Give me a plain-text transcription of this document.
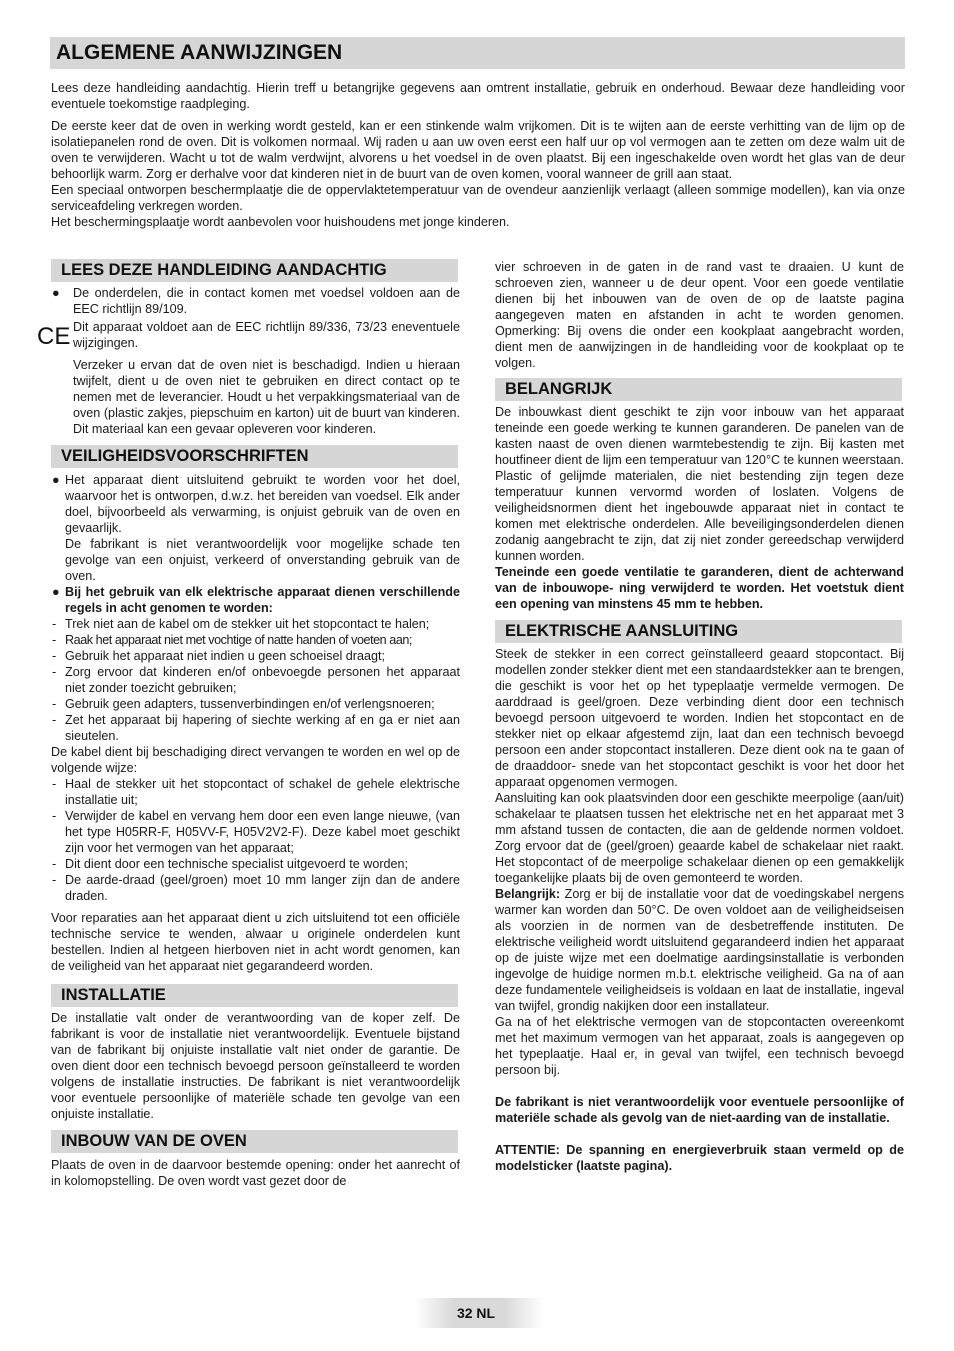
ALGEMENE AANWIJZINGEN

Lees deze handleiding aandachtig. Hierin treff u betangrijke gegevens aan omtrent installatie, gebruik en onderhoud. Bewaar deze handleiding voor eventuele toekomstige raadpleging.

De eerste keer dat de oven in werking wordt gesteld, kan er een stinkende walm vrijkomen. Dit is te wijten aan de eerste verhitting van de lijm op de isolatiepanelen rond de oven. Dit is volkomen normaal. Wij raden u aan uw oven eerst een half uur op vol vermogen aan te zetten om deze walm uit de oven te verwijderen. Wacht u tot de walm verdwijnt, alvorens u het voedsel in de oven plaatst. Bij een ingeschakelde oven wordt het glas van de deur behoorlijk warm. Zorg er derhalve voor dat kinderen niet in de buurt van de oven komen, vooral wanneer de grill aan staat.

Een speciaal ontworpen beschermplaatje die de oppervlaktetemperatuur van de ovendeur aanzienlijk verlaagt (alleen sommige modellen), kan via onze serviceafdeling verkregen worden.

Het beschermingsplaatje wordt aanbevolen voor huishoudens met jonge kinderen.

LEES DEZE HANDLEIDING AANDACHTIG
● De onderdelen, die in contact komen met voedsel voldoen aan de EEC richtlijn 89/109.
CE Dit apparaat voldoet aan de EEC richtlijn 89/336, 73/23 eneventuele wijzigingen.

Verzeker u ervan dat de oven niet is beschadigd. Indien u hieraan twijfelt, dient u de oven niet te gebruiken en direct contact op te nemen met de leverancier. Houdt u het verpakkingsmateriaal van de oven (plastic zakjes, piepschuim en karton) uit de buurt van kinderen. Dit materiaal kan een gevaar opleveren voor kinderen.

VEILIGHEIDSVOORSCHRIFTEN
● Het apparaat dient uitsluitend gebruikt te worden voor het doel, waarvoor het is ontworpen, d.w.z. het bereiden van voedsel. Elk ander doel, bijvoorbeeld als verwarming, is onjuist gebruik van de oven en gevaarlijk.

De fabrikant is niet verantwoordelijk voor mogelijke schade ten gevolge van een onjuist, verkeerd of onverstanding gebruik van de oven.

● Bij het gebruik van elk elektrische apparaat dienen verschillende regels in acht genomen te worden:
- Trek niet aan de kabel om de stekker uit het stopcontact te halen;
- Raak het apparaat niet met vochtige of natte handen of voeten aan;
- Gebruik het apparaat niet indien u geen schoeisel draagt;
- Zorg ervoor dat kinderen en/of onbevoegde personen het apparaat niet zonder toezicht gebruiken;
- Gebruik geen adapters, tussenverbindingen en/of verlengsnoeren;
- Zet het apparaat bij hapering of siechte werking af en ga er niet aan sieutelen.

De kabel dient bij beschadiging direct vervangen te worden en wel op de volgende wijze:

- Haal de stekker uit het stopcontact of schakel de gehele elektrische installatie uit;
- Verwijder de kabel en vervang hem door een even lange nieuwe, (van het type H05RR-F, H05VV-F, H05V2V2-F). Deze kabel moet geschikt zijn voor het vermogen van het apparaat;
- Dit dient door een technische specialist uitgevoerd te worden;
- De aarde-draad (geel/groen) moet 10 mm langer zijn dan de andere draden.

Voor reparaties aan het apparaat dient u zich uitsluitend tot een officiële technische service te wenden, alwaar u originele onderdelen kunt bestellen. Indien al hetgeen hierboven niet in acht wordt genomen, kan de veiligheid van het apparaat niet gegarandeerd worden.

INSTALLATIE

De installatie valt onder de verantwoording van de koper zelf. De fabrikant is voor de installatie niet verantwoordelijk. Eventuele bijstand van de fabrikant bij onjuiste installatie valt niet onder de garantie. De oven dient door een technisch bevoegd persoon geïnstalleerd te worden volgens de installatie instructies. De fabrikant is niet verantwoordelijk voor eventuele persoonlijke of materiële schade ten gevolge van een onjuiste installatie.

INBOUW VAN DE OVEN

Plaats de oven in de daarvoor bestemde opening: onder het aanrecht of in kolomopstelling. De oven wordt vast gezet door de

vier schroeven in de gaten in de rand vast te draaien. U kunt de schroeven zien, wanneer u de deur opent. Voor een goede ventilatie dienen bij het inbouwen van de oven de op de laatste pagina aangegeven maten en afstanden in acht te worden genomen. Opmerking: Bij ovens die onder een kookplaat aangebracht worden, dient men de aanwijzingen in de handleiding voor de kookplaat op te volgen.

BELANGRIJK

De inbouwkast dient geschikt te zijn voor inbouw van het apparaat teneinde een goede werking te kunnen garanderen. De panelen van de kasten naast de oven dienen warmtebestendig te zijn. Bij kasten met houtfineer dient de lijm een temperatuur van 120°C te kunnen weerstaan. Plastic of gelijmde materialen, die niet bestending zijn tegen deze temperatuur kunnen vervormd worden of loslaten. Volgens de veiligheidsnormen dient het ingebouwde apparaat niet in contact te komen met elektrische onderdelen. Alle beveiligingsonderdelen dienen zodanig aangebracht te zijn, dat zij niet zonder gereedschap verwijderd kunnen worden.

Teneinde een goede ventilatie te garanderen, dient de achterwand van de inbouwope- ning verwijderd te worden. Het voetstuk dient een opening van minstens 45 mm te hebben.

ELEKTRISCHE AANSLUITING

Steek de stekker in een correct geïnstalleerd geaard stopcontact. Bij modellen zonder stekker dient met een standaardstekker aan te brengen, die geschikt is voor het op het typeplaatje vermelde vermogen. De aarddraad is geel/groen. Deze verbinding dient door een technisch bevoegd persoon uitgevoerd te worden. Indien het stopcontact en de stekker niet op elkaar afgestemd zijn, laat dan een technisch bevoegd persoon een ander stopcontact installeren. Deze dient ook na te gaan of de draaddoor- snede van het stopcontact geschikt is voor het door het apparaat opgenomen vermogen.

Aansluiting kan ook plaatsvinden door een geschikte meerpolige (aan/uit) schakelaar te plaatsen tussen het elektrische net en het apparaat met 3 mm afstand tussen de contacten, die aan de geldende normen voldoet. Zorg ervoor dat de (geel/groen) geaarde kabel de schakelaar niet raakt. Het stopcontact of de meerpolige schakelaar dienen op een gemakkelijk toegankelijke plaats bij de oven gemonteerd te worden.

Belangrijk: Zorg er bij de installatie voor dat de voedingskabel nergens warmer kan worden dan 50°C. De oven voldoet aan de veiligheidseisen als voorzien in de normen van de desbetreffende instituten. De elektrische veiligheid wordt uitsluitend gegarandeerd indien het apparaat op de juiste wijze met een doelmatige aardingsinstallatie is verbonden ingevolge de huidige normen m.b.t. elektrische veiligheid. Ga na of aan deze fundamentele veiligheidseis is voldaan en laat de installatie, ingeval van twijfel, grondig nakijken door een installateur.

Ga na of het elektrische vermogen van de stopcontacten overeenkomt met het maximum vermogen van het apparaat, zoals is aangegeven op het typeplaatje. Haal er, in geval van twijfel, een technisch bevoegd persoon bij.

De fabrikant is niet verantwoordelijk voor eventuele persoonlijke of materiële schade als gevolg van de niet-aarding van de installatie.

ATTENTIE: De spanning en energieverbruik staan vermeld op de modelsticker (laatste pagina).

32 NL
